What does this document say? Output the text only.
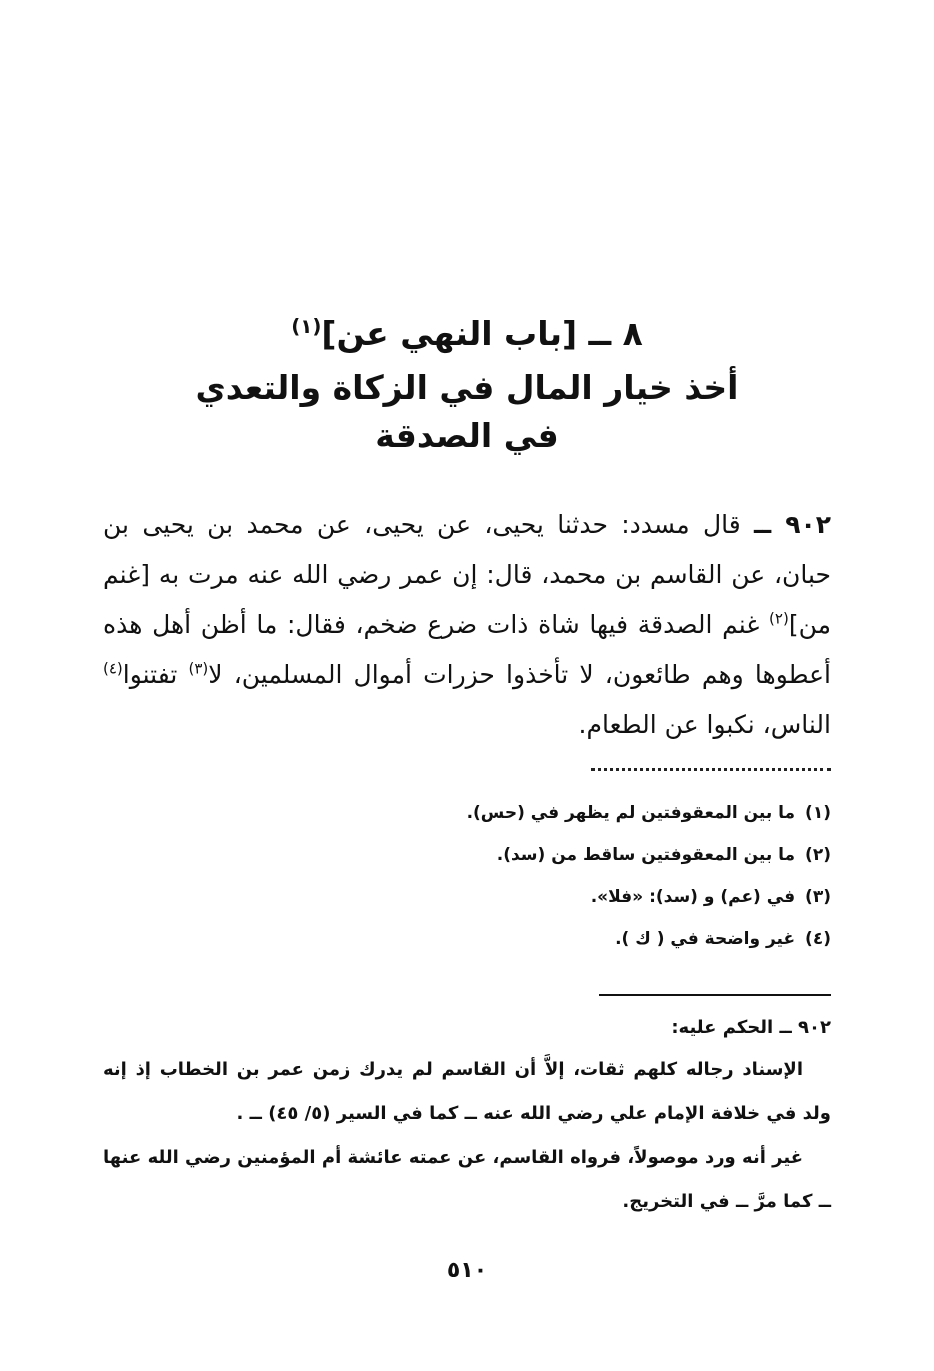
٨ ــ [باب النهي عن]$^{(١)}$
أخذ خيار المال في الزكاة والتعدي في الصدقة
٩٠٢ ــ قال مسدد: حدثنا يحيى، عن يحيى، عن محمد بن يحيى بن حبان، عن القاسم بن محمد، قال: إن عمر رضي الله عنه مرت به [غنم من]$^{(٢)}$ غنم الصدقة فيها شاة ذات ضرع ضخم، فقال: ما أظن أهل هذه أعطوها وهم طائعون، لا تأخذوا حزرات أموال المسلمين، لا$^{(٣)}$ تفتنوا$^{(٤)}$ الناس، نكبوا عن الطعام.
(١) ما بين المعقوفتين لم يظهر في (حس).
(٢) ما بين المعقوفتين ساقط من (سد).
(٣) في (عم) و (سد): «فلا».
(٤) غير واضحة في ( ك ).
٩٠٢ ــ الحكم عليه:

الإسناد رجاله كلهم ثقات، إلاَّ أن القاسم لم يدرك زمن عمر بن الخطاب إذ إنه ولد في خلافة الإمام علي رضي الله عنه ــ كما في السير (٥/ ٤٥) ــ .

غير أنه ورد موصولاً، فرواه القاسم، عن عمته عائشة أم المؤمنين رضي الله عنها ــ كما مرَّ ــ في التخريج.

٥١٠
